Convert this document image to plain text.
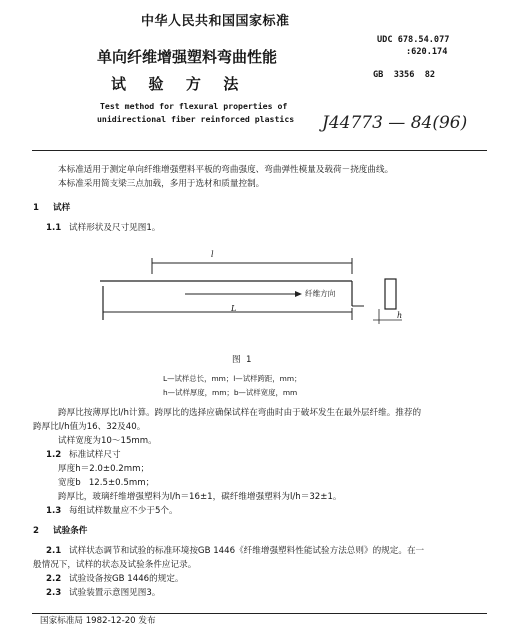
中华人民共和国国家标准
单向纤维增强塑料弯曲性能
试  验  方  法
Test method for flexural properties of
unidirectional fiber reinforced plastics
UDC 678.54.077
:620.174
GB  3356  82
J44773 — 84(96)
本标准适用于测定单向纤维增强塑料平板的弯曲强度、弯曲弹性模量及载荷－挠度曲线。
本标准采用简支梁三点加载，多用于选材和质量控制。
1 试样
1.1 试样形状及尺寸见图1。
l
纤维方向
L
h
图  1
L—试样总长，mm；l—试样跨距，mm；
h—试样厚度，mm；b—试样宽度，mm
跨厚比按薄厚比l/h计算。跨厚比的选择应确保试样在弯曲时由于破坏发生在最外层纤维。推荐的
跨厚比l/h值为16、32及40。
试样宽度为10～15mm。
1.2 标准试样尺寸
厚度h＝2.0±0.2mm；
宽度b   12.5±0.5mm；
跨厚比，玻璃纤维增强塑料为l/h＝16±1，碳纤维增强塑料为l/h＝32±1。
1.3 每组试样数量应不少于5个。
2 试验条件
2.1 试样状态调节和试验的标准环境按GB 1446《纤维增强塑料性能试验方法总则》的规定。在一
般情况下，试样的状态及试验条件应记录。
2.2 试验设备按GB 1446的规定。
2.3 试验装置示意图见图3。
国家标准局 1982-12-20 发布
